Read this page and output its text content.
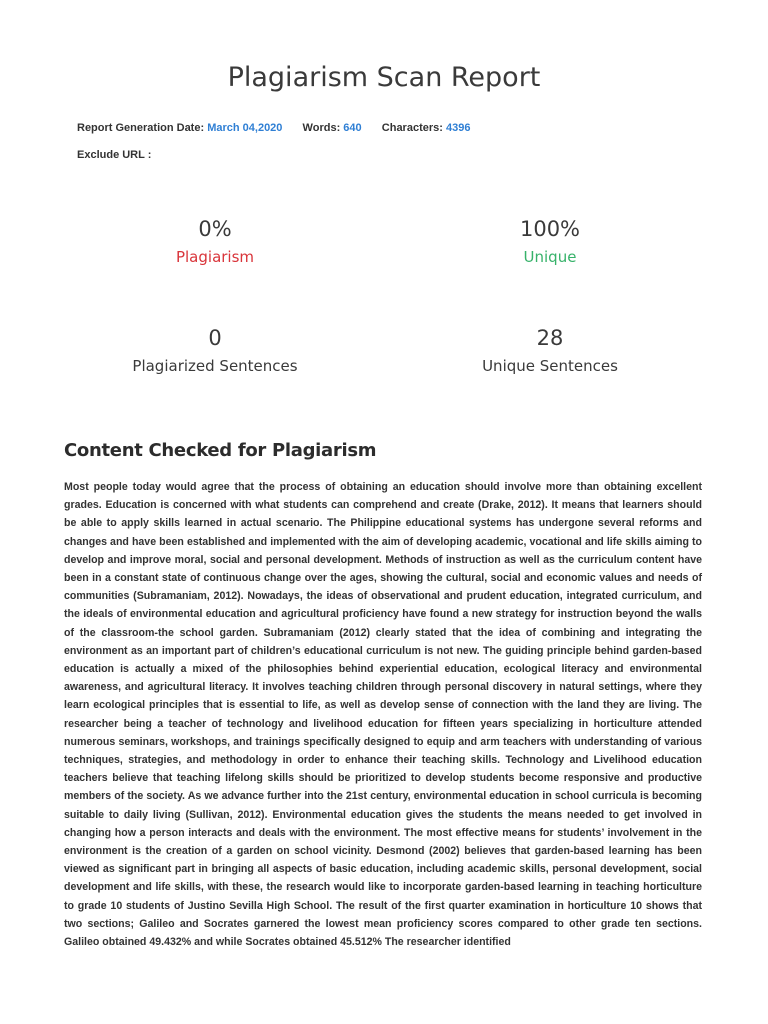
Plagiarism Scan Report
Report Generation Date: March 04,2020 Words: 640 Characters: 4396
Exclude URL :
0%
Plagiarism
100%
Unique
0
Plagiarized Sentences
28
Unique Sentences
Content Checked for Plagiarism

Most people today would agree that the process of obtaining an education should involve more than obtaining excellent grades. Education is concerned with what students can comprehend and create (Drake, 2012). It means that learners should be able to apply skills learned in actual scenario. The Philippine educational systems has undergone several reforms and changes and have been established and implemented with the aim of developing academic, vocational and life skills aiming to develop and improve moral, social and personal development. Methods of instruction as well as the curriculum content have been in a constant state of continuous change over the ages, showing the cultural, social and economic values and needs of communities (Subramaniam, 2012). Nowadays, the ideas of observational and prudent education, integrated curriculum, and the ideals of environmental education and agricultural proficiency have found a new strategy for instruction beyond the walls of the classroom-the school garden. Subramaniam (2012) clearly stated that the idea of combining and integrating the environment as an important part of children’s educational curriculum is not new. The guiding principle behind garden-based education is actually a mixed of the philosophies behind experiential education, ecological literacy and environmental awareness, and agricultural literacy. It involves teaching children through personal discovery in natural settings, where they learn ecological principles that is essential to life, as well as develop sense of connection with the land they are living. The researcher being a teacher of technology and livelihood education for fifteen years specializing in horticulture attended numerous seminars, workshops, and trainings specifically designed to equip and arm teachers with understanding of various techniques, strategies, and methodology in order to enhance their teaching skills. Technology and Livelihood education teachers believe that teaching lifelong skills should be prioritized to develop students become responsive and productive members of the society. As we advance further into the 21st century, environmental education in school curricula is becoming suitable to daily living (Sullivan, 2012). Environmental education gives the students the means needed to get involved in changing how a person interacts and deals with the environment. The most effective means for students’ involvement in the environment is the creation of a garden on school vicinity. Desmond (2002) believes that garden-based learning has been viewed as significant part in bringing all aspects of basic education, including academic skills, personal development, social development and life skills, with these, the research would like to incorporate garden-based learning in teaching horticulture to grade 10 students of Justino Sevilla High School. The result of the first quarter examination in horticulture 10 shows that two sections; Galileo and Socrates garnered the lowest mean proficiency scores compared to other grade ten sections. Galileo obtained 49.432% and while Socrates obtained 45.512% The researcher identified
